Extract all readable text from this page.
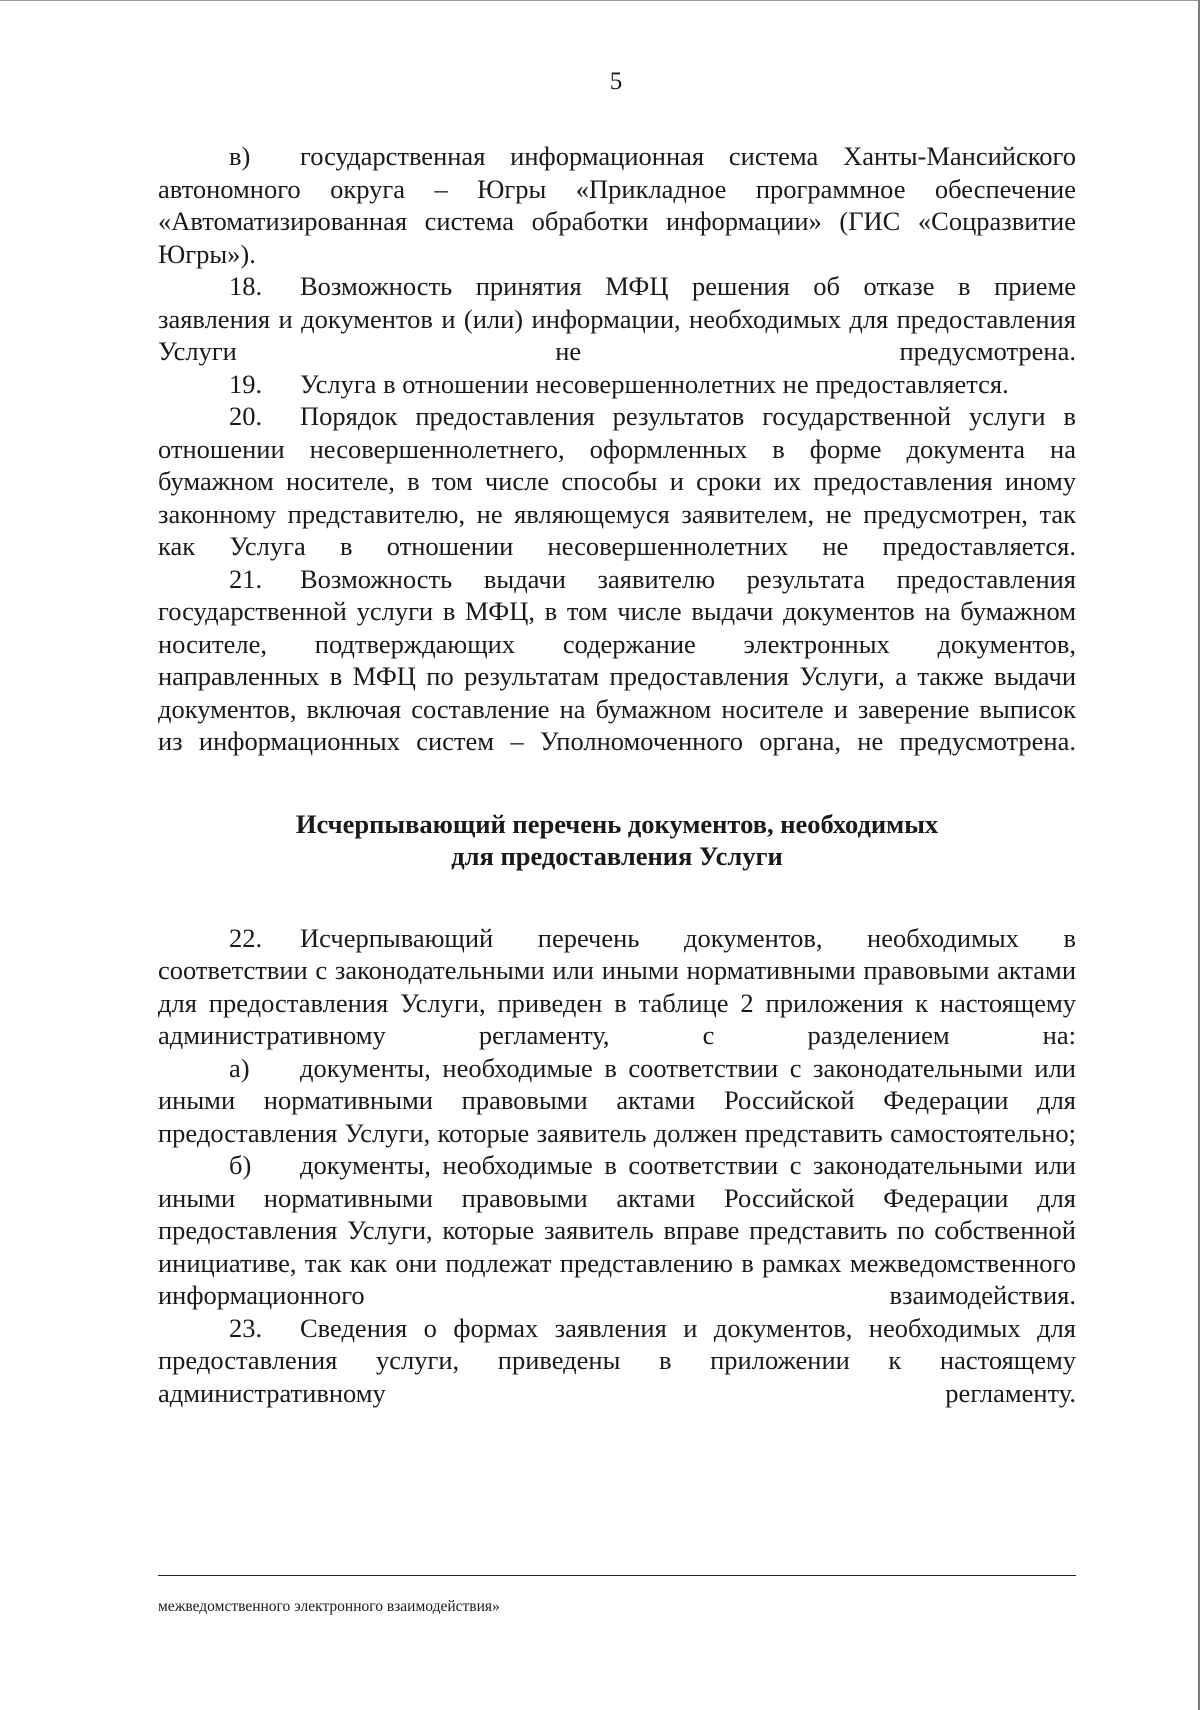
5

в) государственная информационная система Ханты-Мансийского автономного округа – Югры «Прикладное программное обеспечение «Автоматизированная система обработки информации» (ГИС «Соцразвитие Югры»).

18. Возможность принятия МФЦ решения об отказе в приеме заявления и документов и (или) информации, необходимых для предоставления Услуги не предусмотрена.

19. Услуга в отношении несовершеннолетних не предоставляется.

20. Порядок предоставления результатов государственной услуги в отношении несовершеннолетнего, оформленных в форме документа на бумажном носителе, в том числе способы и сроки их предоставления иному законному представителю, не являющемуся заявителем, не предусмотрен, так как Услуга в отношении несовершеннолетних не предоставляется.

21. Возможность выдачи заявителю результата предоставления государственной услуги в МФЦ, в том числе выдачи документов на бумажном носителе, подтверждающих содержание электронных документов, направленных в МФЦ по результатам предоставления Услуги, а также выдачи документов, включая составление на бумажном носителе и заверение выписок из информационных систем – Уполномоченного органа, не предусмотрена.

Исчерпывающий перечень документов, необходимых
для предоставления Услуги

22. Исчерпывающий перечень документов, необходимых в соответствии с законодательными или иными нормативными правовыми актами для предоставления Услуги, приведен в таблице 2 приложения к настоящему административному регламенту, с разделением на:

а) документы, необходимые в соответствии с законодательными или иными нормативными правовыми актами Российской Федерации для предоставления Услуги, которые заявитель должен представить самостоятельно;

б) документы, необходимые в соответствии с законодательными или иными нормативными правовыми актами Российской Федерации для предоставления Услуги, которые заявитель вправе представить по собственной инициативе, так как они подлежат представлению в рамках межведомственного информационного взаимодействия.

23. Сведения о формах заявления и документов, необходимых для предоставления услуги, приведены в приложении к настоящему административному регламенту.

межведомственного электронного взаимодействия»
